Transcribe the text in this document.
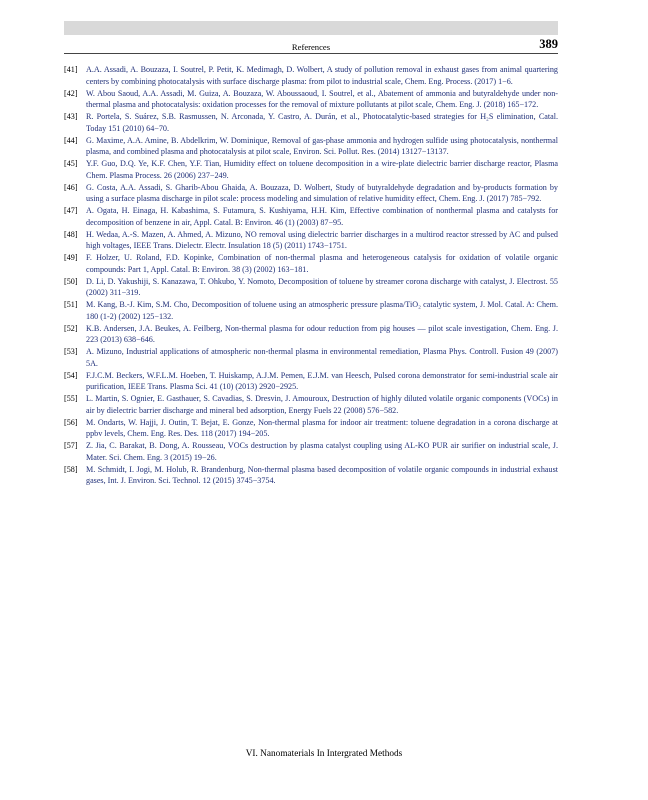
References	389
[41] A.A. Assadi, A. Bouzaza, I. Soutrel, P. Petit, K. Medimagh, D. Wolbert, A study of pollution removal in exhaust gases from animal quartering centers by combining photocatalysis with surface discharge plasma: from pilot to industrial scale, Chem. Eng. Process. (2017) 1−6.
[42] W. Abou Saoud, A.A. Assadi, M. Guiza, A. Bouzaza, W. Aboussaoud, I. Soutrel, et al., Abatement of ammonia and butyraldehyde under non-thermal plasma and photocatalysis: oxidation processes for the removal of mixture pollutants at pilot scale, Chem. Eng. J. (2018) 165−172.
[43] R. Portela, S. Suárez, S.B. Rasmussen, N. Arconada, Y. Castro, A. Durán, et al., Photocatalytic-based strategies for H₂S elimination, Catal. Today 151 (2010) 64−70.
[44] G. Maxime, A.A. Amine, B. Abdelkrim, W. Dominique, Removal of gas-phase ammonia and hydrogen sulfide using photocatalysis, nonthermal plasma, and combined plasma and photocatalysis at pilot scale, Environ. Sci. Pollut. Res. (2014) 13127−13137.
[45] Y.F. Guo, D.Q. Ye, K.F. Chen, Y.F. Tian, Humidity effect on toluene decomposition in a wire-plate dielectric barrier discharge reactor, Plasma Chem. Plasma Process. 26 (2006) 237−249.
[46] G. Costa, A.A. Assadi, S. Gharib-Abou Ghaida, A. Bouzaza, D. Wolbert, Study of butyraldehyde degradation and by-products formation by using a surface plasma discharge in pilot scale: process modeling and simulation of relative humidity effect, Chem. Eng. J. (2017) 785−792.
[47] A. Ogata, H. Einaga, H. Kabashima, S. Futamura, S. Kushiyama, H.H. Kim, Effective combination of nonthermal plasma and catalysts for decomposition of benzene in air, Appl. Catal. B: Environ. 46 (1) (2003) 87−95.
[48] H. Wedaa, A.-S. Mazen, A. Ahmed, A. Mizuno, NO removal using dielectric barrier discharges in a multirod reactor stressed by AC and pulsed high voltages, IEEE Trans. Dielectr. Electr. Insulation 18 (5) (2011) 1743−1751.
[49] F. Holzer, U. Roland, F.D. Kopinke, Combination of non-thermal plasma and heterogeneous catalysis for oxidation of volatile organic compounds: Part 1, Appl. Catal. B: Environ. 38 (3) (2002) 163−181.
[50] D. Li, D. Yakushiji, S. Kanazawa, T. Ohkubo, Y. Nomoto, Decomposition of toluene by streamer corona discharge with catalyst, J. Electrost. 55 (2002) 311−319.
[51] M. Kang, B.-J. Kim, S.M. Cho, Decomposition of toluene using an atmospheric pressure plasma/TiO₂ catalytic system, J. Mol. Catal. A: Chem. 180 (1-2) (2002) 125−132.
[52] K.B. Andersen, J.A. Beukes, A. Feilberg, Non-thermal plasma for odour reduction from pig houses — pilot scale investigation, Chem. Eng. J. 223 (2013) 638−646.
[53] A. Mizuno, Industrial applications of atmospheric non-thermal plasma in environmental remediation, Plasma Phys. Controll. Fusion 49 (2007) 5A.
[54] F.J.C.M. Beckers, W.F.L.M. Hoeben, T. Huiskamp, A.J.M. Pemen, E.J.M. van Heesch, Pulsed corona demonstrator for semi-industrial scale air purification, IEEE Trans. Plasma Sci. 41 (10) (2013) 2920−2925.
[55] L. Martin, S. Ognier, E. Gasthauer, S. Cavadias, S. Dresvin, J. Amouroux, Destruction of highly diluted volatile organic components (VOCs) in air by dielectric barrier discharge and mineral bed adsorption, Energy Fuels 22 (2008) 576−582.
[56] M. Ondarts, W. Hajji, J. Outin, T. Bejat, E. Gonze, Non-thermal plasma for indoor air treatment: toluene degradation in a corona discharge at ppbv levels, Chem. Eng. Res. Des. 118 (2017) 194−205.
[57] Z. Jia, C. Barakat, B. Dong, A. Rousseau, VOCs destruction by plasma catalyst coupling using AL-KO PUR air surifier on industrial scale, J. Mater. Sci. Chem. Eng. 3 (2015) 19−26.
[58] M. Schmidt, I. Jogi, M. Holub, R. Brandenburg, Non-thermal plasma based decomposition of volatile organic compounds in industrial exhaust gases, Int. J. Environ. Sci. Technol. 12 (2015) 3745−3754.
VI. Nanomaterials In Intergrated Methods
